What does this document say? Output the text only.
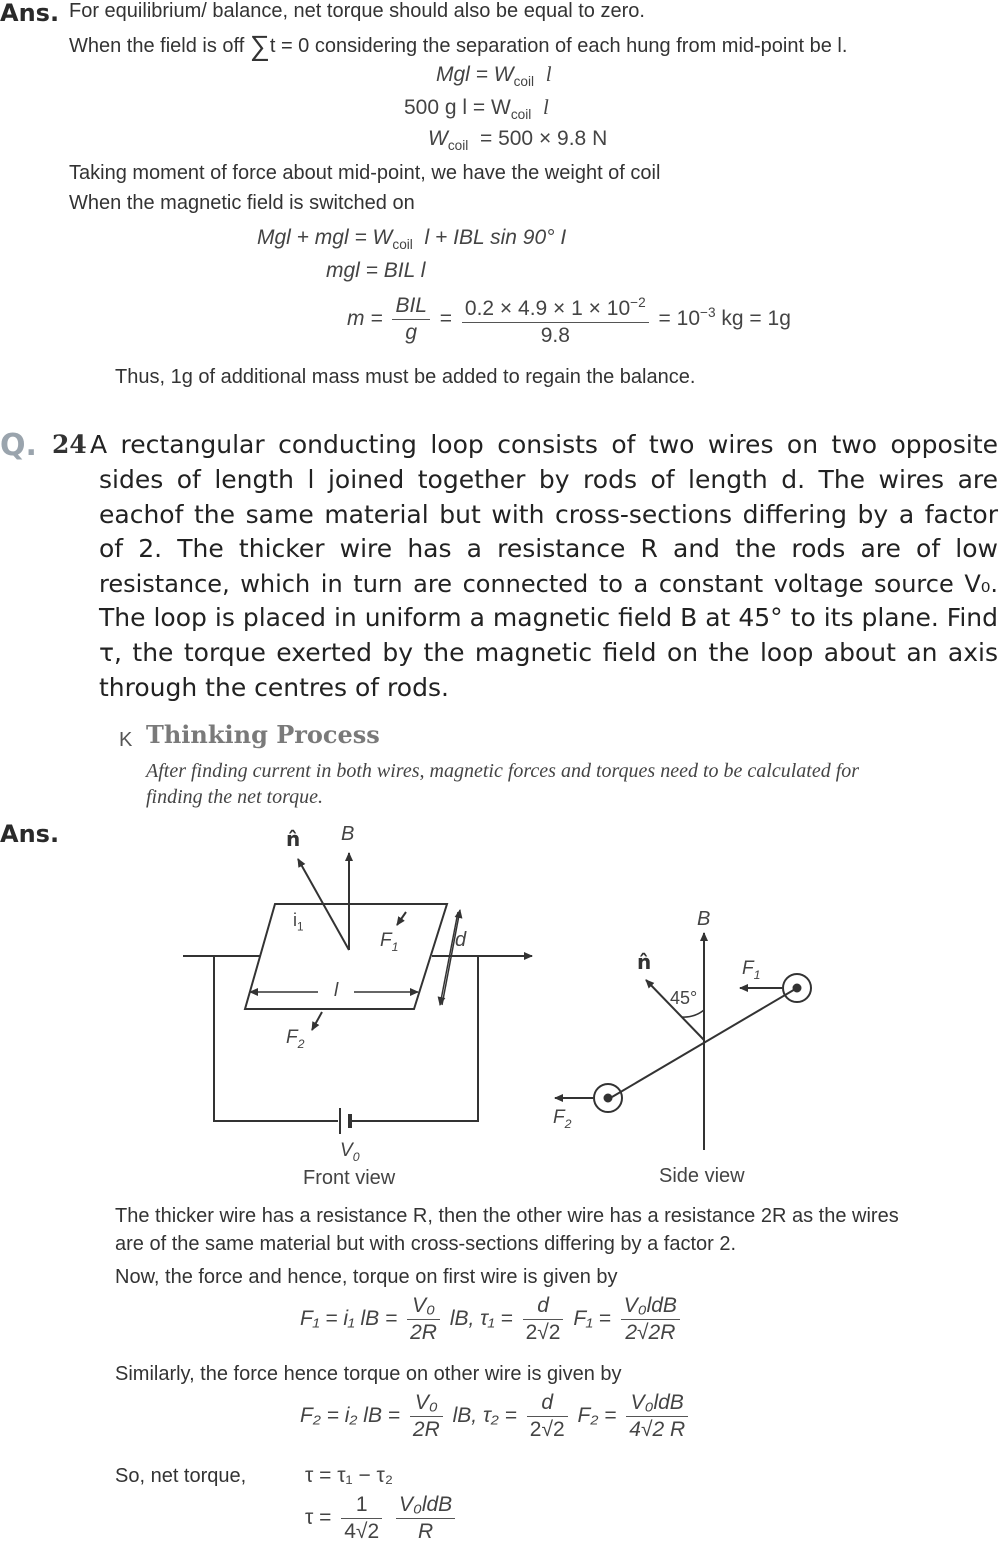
Ans. For equilibrium/ balance, net torque should also be equal to zero.
When the field is off ∑t = 0 considering the separation of each hung from mid-point be l.
Mgl = $W_{coil}$ l
500 g $l = W_{coil}$ l
$W_{coil} = 500 \times 9.8$ N
Taking moment of force about mid-point, we have the weight of coil
When the magnetic field is switched on
Mgl + mgl = $W_{coil}$ l + IBL sin 90° I
mgl = BIL l
$m = \frac{\text{BIL}}{g} = \frac{0.2 \times 4.9 \times 1 \times 10^{-2}}{9.8} = 10^{-3}$ kg = 1g
Thus, 1g of additional mass must be added to regain the balance.
Q. 24 A rectangular conducting loop consists of two wires on two opposite
sides of length l joined together by rods of length d. The wires are
eachof the same material but with cross-sections differing by a factor
of 2. The thicker wire has a resistance R and the rods are of low
resistance, which in turn are connected to a constant voltage source V₀.
The loop is placed in uniform a magnetic field B at 45° to its plane. Find
τ, the torque exerted by the magnetic field on the loop about an axis
through the centres of rods.
K Thinking Process
After finding current in both wires, magnetic forces and torques need to be calculated for
finding the net torque.
Ans.	n̂ B
$i_1$
$F_1$	d
l
$F_2$
$V_0$
Front view
B
n̂
45°
$F_1$
$F_2$
Side view
The thicker wire has a resistance R, then the other wire has a resistance 2R as the wires
are of the same material but with cross-sections differing by a factor 2.
Now, the force and hence, torque on first wire is given by
F₁ = i₁ lB = $\frac{\text{V₀}}{2R}$ lB, $\tau_1 = \frac{d}{2√2} F_1 = \frac{\text{V₀ldB}}{2√2R}$
Similarly, the force hence torque on other wire is given by
F₂ = i₂ lB = $\frac{\text{V₀}}{2R}$ lB, $\tau_2 = \frac{d}{2√2} F_2 = \frac{\text{V₀ldB}}{4√2 R}$
So, net torque,	τ = τ₁ − τ₂
$\tau = \frac{1}{4√2}$
$\frac{\text{V₀ldB}}{R}$
